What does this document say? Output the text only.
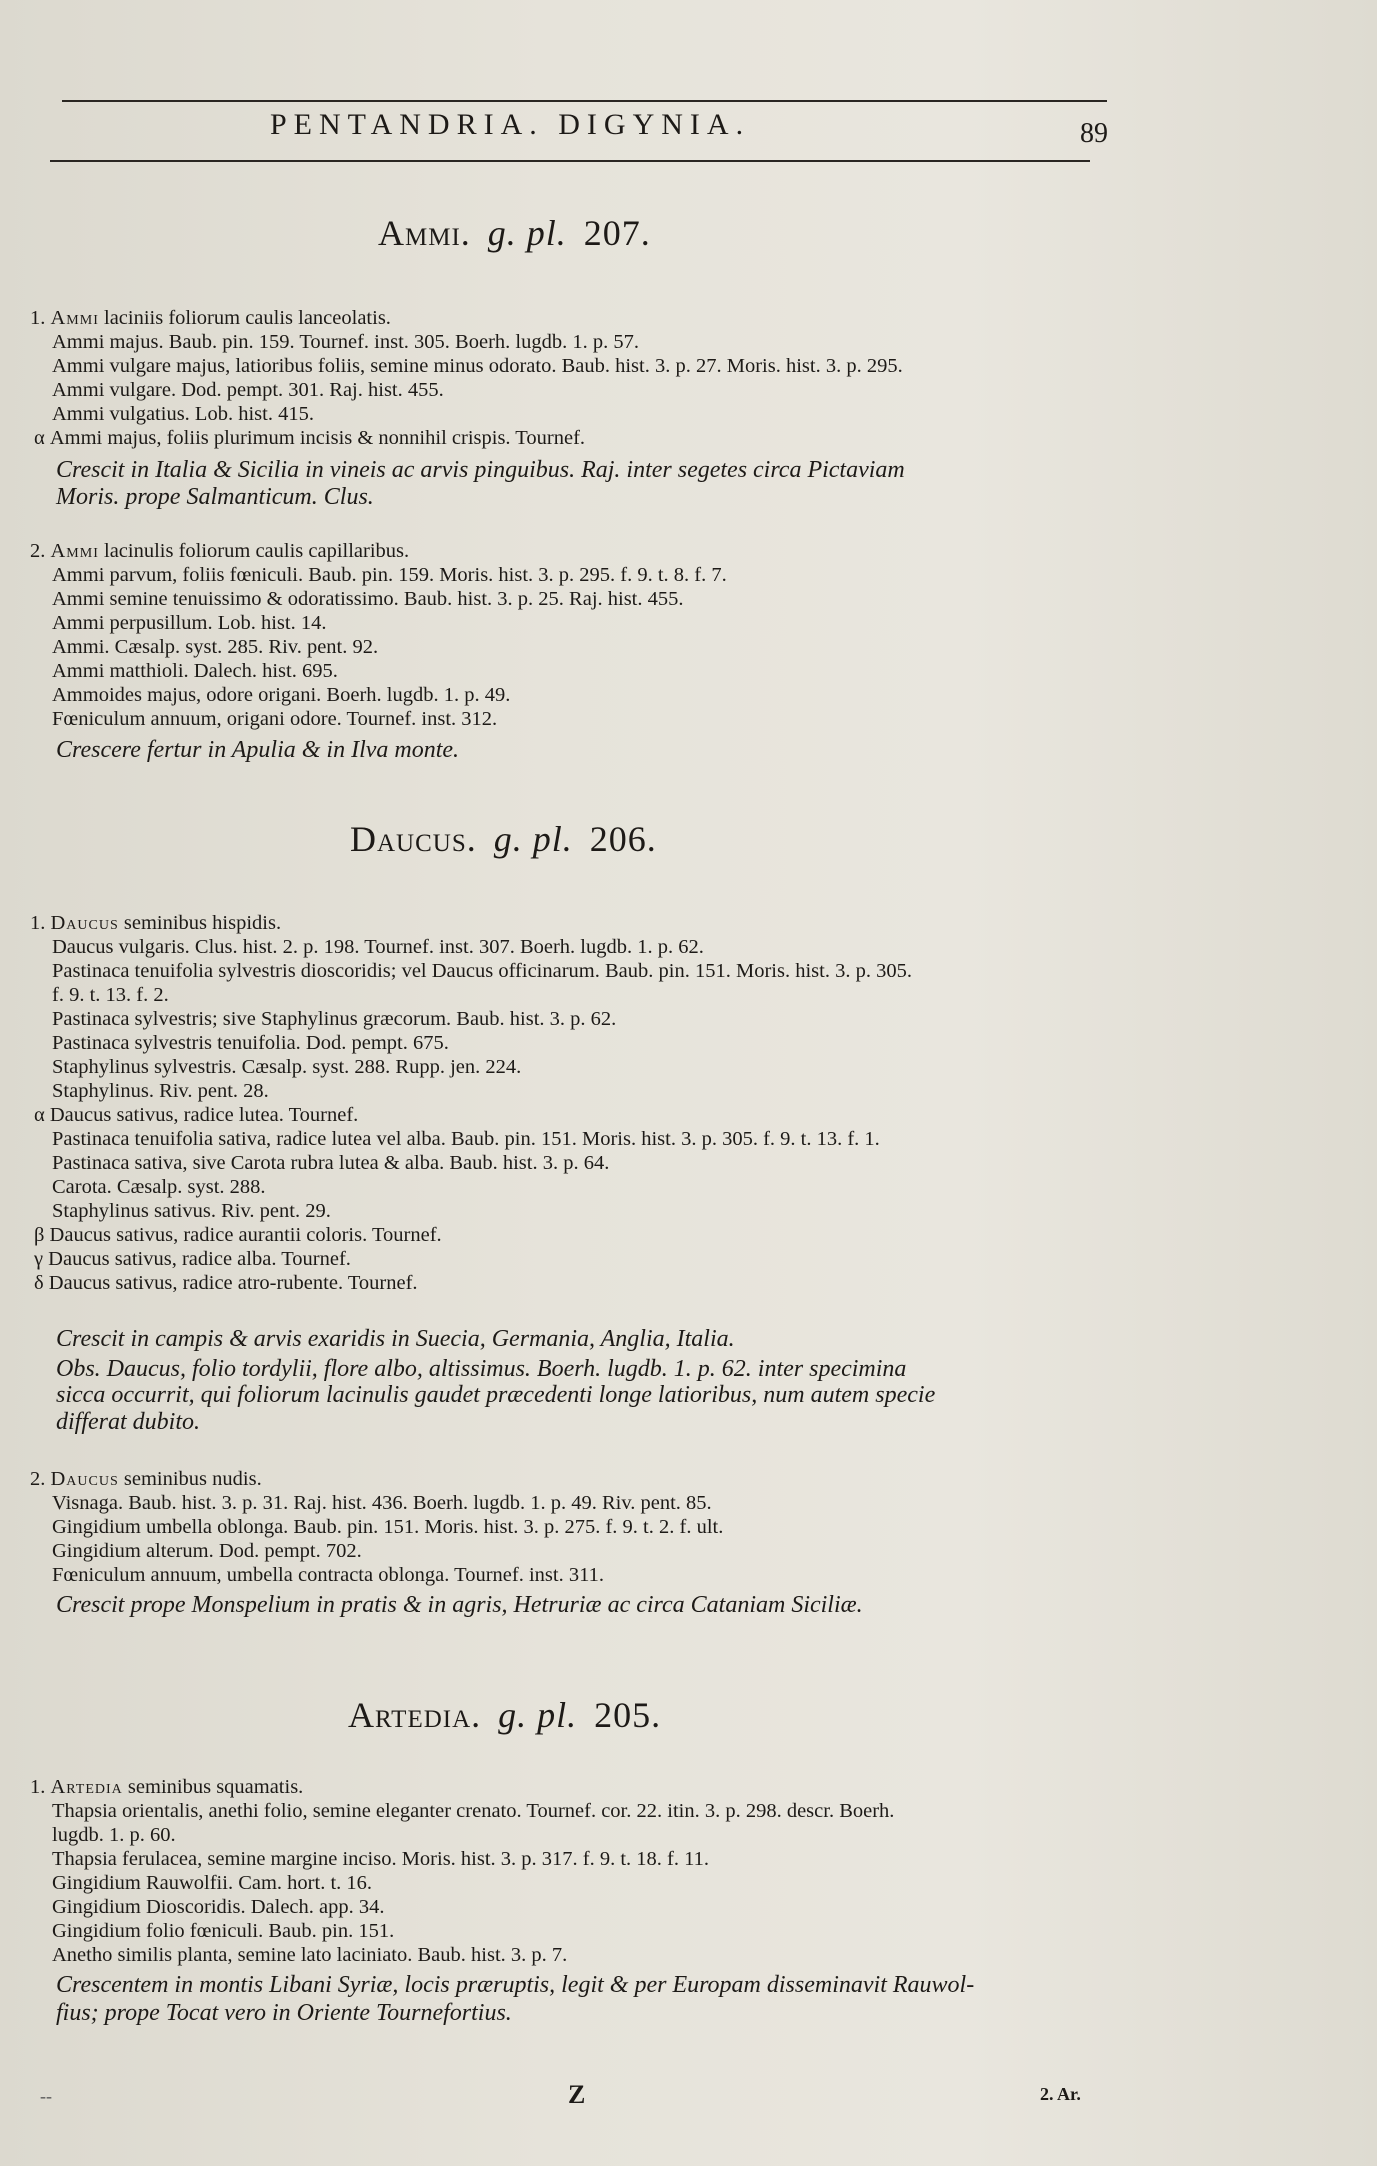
PENTANDRIA. DIGYNIA.	89
Ammi. g. pl. 207.
1. Ammi laciniis foliorum caulis lanceolatis.
Ammi majus. Baub. pin. 159. Tournef. inst. 305. Boerh. lugdb. 1. p. 57.
Ammi vulgare majus, latioribus foliis, semine minus odorato. Baub. hist. 3. p. 27. Moris. hist. 3. p. 295.
Ammi vulgare. Dod. pempt. 301. Raj. hist. 455.
Ammi vulgatius. Lob. hist. 415.
α Ammi majus, foliis plurimum incisis & nonnihil crispis. Tournef.
Crescit in Italia & Sicilia in vineis ac arvis pinguibus. Raj. inter segetes circa Pictaviam
Moris. prope Salmanticum. Clus.
2. Ammi lacinulis foliorum caulis capillaribus.
Ammi parvum, foliis fœniculi. Baub. pin. 159. Moris. hist. 3. p. 295. f. 9. t. 8. f. 7.
Ammi semine tenuissimo & odoratissimo. Baub. hist. 3. p. 25. Raj. hist. 455.
Ammi perpusillum. Lob. hist. 14.
Ammi. Cæsalp. syst. 285. Riv. pent. 92.
Ammi matthioli. Dalech. hist. 695.
Ammoides majus, odore origani. Boerh. lugdb. 1. p. 49.
Fœniculum annuum, origani odore. Tournef. inst. 312.
Crescere fertur in Apulia & in Ilva monte.
Daucus. g. pl. 206.
1. Daucus seminibus hispidis.
Daucus vulgaris. Clus. hist. 2. p. 198. Tournef. inst. 307. Boerh. lugdb. 1. p. 62.
Pastinaca tenuifolia sylvestris dioscoridis; vel Daucus officinarum. Baub. pin. 151. Moris. hist. 3. p. 305.
f. 9. t. 13. f. 2.
Pastinaca sylvestris; sive Staphylinus græcorum. Baub. hist. 3. p. 62.
Pastinaca sylvestris tenuifolia. Dod. pempt. 675.
Staphylinus sylvestris. Cæsalp. syst. 288. Rupp. jen. 224.
Staphylinus. Riv. pent. 28.
α Daucus sativus, radice lutea. Tournef.
Pastinaca tenuifolia sativa, radice lutea vel alba. Baub. pin. 151. Moris. hist. 3. p. 305. f. 9. t. 13. f. 1.
Pastinaca sativa, sive Carota rubra lutea & alba. Baub. hist. 3. p. 64.
Carota. Cæsalp. syst. 288.
Staphylinus sativus. Riv. pent. 29.
β Daucus sativus, radice aurantii coloris. Tournef.
γ Daucus sativus, radice alba. Tournef.
δ Daucus sativus, radice atro-rubente. Tournef.
Crescit in campis & arvis exaridis in Suecia, Germania, Anglia, Italia.
Obs. Daucus, folio tordylii, flore albo, altissimus. Boerh. lugdb. 1. p. 62. inter specimina
sicca occurrit, qui foliorum lacinulis gaudet præcedenti longe latioribus, num autem specie
differat dubito.
2. Daucus seminibus nudis.
Visnaga. Baub. hist. 3. p. 31. Raj. hist. 436. Boerh. lugdb. 1. p. 49. Riv. pent. 85.
Gingidium umbella oblonga. Baub. pin. 151. Moris. hist. 3. p. 275. f. 9. t. 2. f. ult.
Gingidium alterum. Dod. pempt. 702.
Fœniculum annuum, umbella contracta oblonga. Tournef. inst. 311.
Crescit prope Monspelium in pratis & in agris, Hetruriæ ac circa Cataniam Siciliæ.
Artedia. g. pl. 205.
1. Artedia seminibus squamatis.
Thapsia orientalis, anethi folio, semine eleganter crenato. Tournef. cor. 22. itin. 3. p. 298. descr. Boerh.
lugdb. 1. p. 60.
Thapsia ferulacea, semine margine inciso. Moris. hist. 3. p. 317. f. 9. t. 18. f. 11.
Gingidium Rauwolfii. Cam. hort. t. 16.
Gingidium Dioscoridis. Dalech. app. 34.
Gingidium folio fœniculi. Baub. pin. 151.
Anetho similis planta, semine lato laciniato. Baub. hist. 3. p. 7.
Crescentem in montis Libani Syriæ, locis præruptis, legit & per Europam disseminavit Rauwol-
fius; prope Tocat vero in Oriente Tournefortius.
--	Z	2. Ar.
